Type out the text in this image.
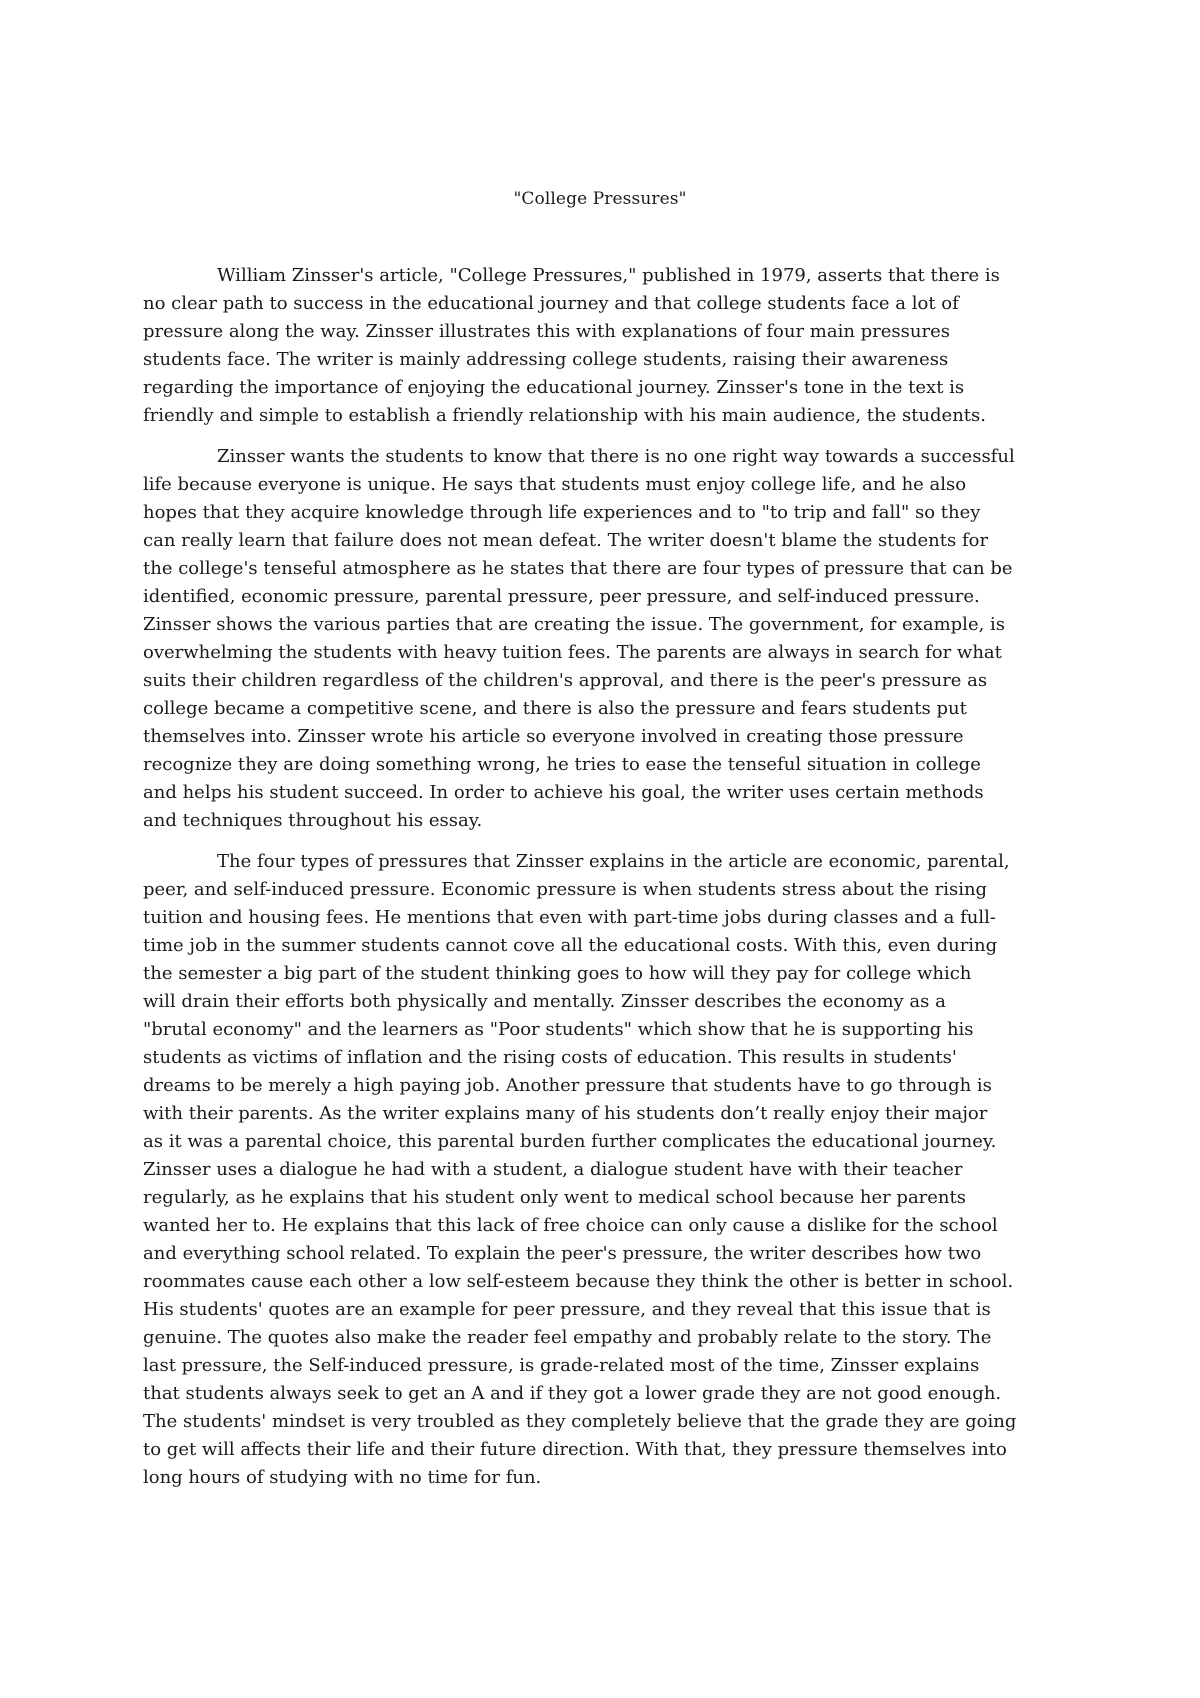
"College Pressures"
William Zinsser's article, "College Pressures," published in 1979, asserts that there is
no clear path to success in the educational journey and that college students face a lot of
pressure along the way. Zinsser illustrates this with explanations of four main pressures
students face. The writer is mainly addressing college students, raising their awareness
regarding the importance of enjoying the educational journey. Zinsser's tone in the text is
friendly and simple to establish a friendly relationship with his main audience, the students.
Zinsser wants the students to know that there is no one right way towards a successful
life because everyone is unique. He says that students must enjoy college life, and he also
hopes that they acquire knowledge through life experiences and to "to trip and fall" so they
can really learn that failure does not mean defeat. The writer doesn't blame the students for
the college's tenseful atmosphere as he states that there are four types of pressure that can be
identified, economic pressure, parental pressure, peer pressure, and self-induced pressure.
Zinsser shows the various parties that are creating the issue. The government, for example, is
overwhelming the students with heavy tuition fees. The parents are always in search for what
suits their children regardless of the children's approval, and there is the peer's pressure as
college became a competitive scene, and there is also the pressure and fears students put
themselves into. Zinsser wrote his article so everyone involved in creating those pressure
recognize they are doing something wrong, he tries to ease the tenseful situation in college
and helps his student succeed. In order to achieve his goal, the writer uses certain methods
and techniques throughout his essay.
The four types of pressures that Zinsser explains in the article are economic, parental,
peer, and self-induced pressure. Economic pressure is when students stress about the rising
tuition and housing fees. He mentions that even with part-time jobs during classes and a full-
time job in the summer students cannot cove all the educational costs. With this, even during
the semester a big part of the student thinking goes to how will they pay for college which
will drain their efforts both physically and mentally. Zinsser describes the economy as a
"brutal economy" and the learners as "Poor students" which show that he is supporting his
students as victims of inflation and the rising costs of education. This results in students'
dreams to be merely a high paying job. Another pressure that students have to go through is
with their parents. As the writer explains many of his students don’t really enjoy their major
as it was a parental choice, this parental burden further complicates the educational journey.
Zinsser uses a dialogue he had with a student, a dialogue student have with their teacher
regularly, as he explains that his student only went to medical school because her parents
wanted her to. He explains that this lack of free choice can only cause a dislike for the school
and everything school related. To explain the peer's pressure, the writer describes how two
roommates cause each other a low self-esteem because they think the other is better in school.
His students' quotes are an example for peer pressure, and they reveal that this issue that is
genuine. The quotes also make the reader feel empathy and probably relate to the story. The
last pressure, the Self-induced pressure, is grade-related most of the time, Zinsser explains
that students always seek to get an A and if they got a lower grade they are not good enough.
The students' mindset is very troubled as they completely believe that the grade they are going
to get will affects their life and their future direction. With that, they pressure themselves into
long hours of studying with no time for fun.
